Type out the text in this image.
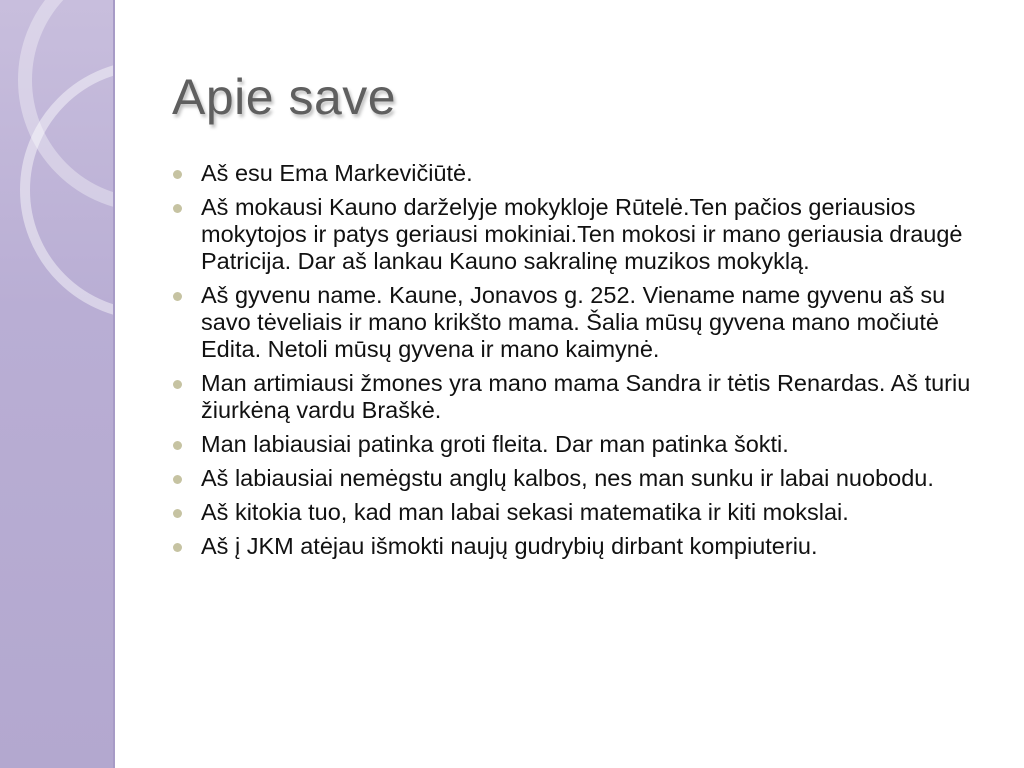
Apie save
Aš esu Ema Markevičiūtė.
Aš mokausi Kauno darželyje mokykloje Rūtelė.Ten pačios geriausios mokytojos ir patys geriausi mokiniai.Ten mokosi ir mano geriausia draugė Patricija. Dar aš lankau Kauno sakralinę muzikos mokyklą.
Aš gyvenu name. Kaune, Jonavos g. 252. Viename name gyvenu aš su savo tėveliais ir mano krikšto mama. Šalia mūsų gyvena mano močiutė Edita. Netoli mūsų gyvena ir mano kaimynė.
Man artimiausi žmones yra mano mama Sandra ir tėtis Renardas. Aš turiu žiurkėną vardu Braškė.
Man labiausiai patinka groti fleita. Dar man patinka šokti.
Aš labiausiai nemėgstu anglų kalbos, nes man sunku ir labai nuobodu.
Aš kitokia tuo, kad man labai sekasi matematika ir kiti mokslai.
Aš į JKM atėjau išmokti naujų gudrybių dirbant kompiuteriu.
